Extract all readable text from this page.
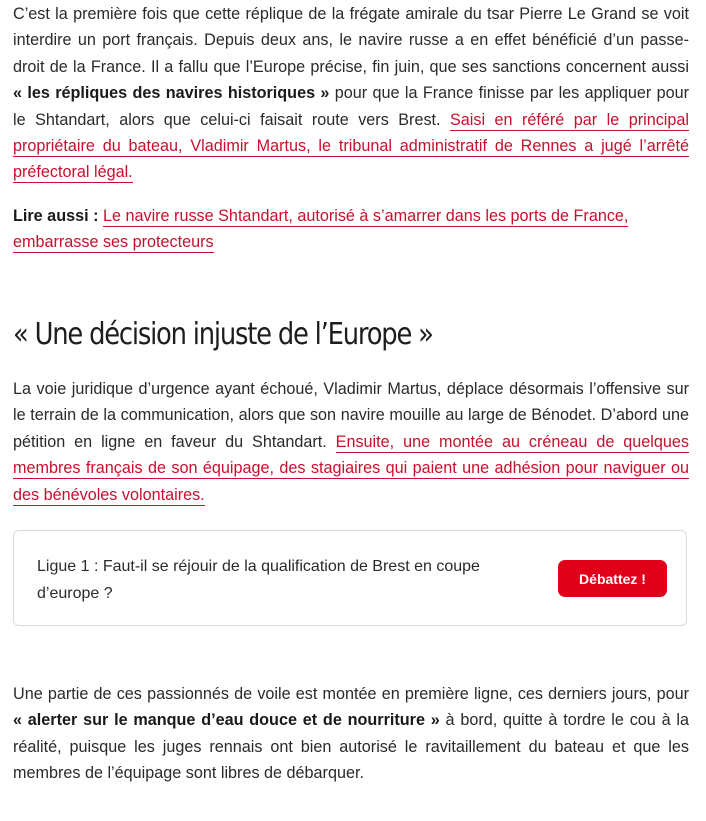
C’est la première fois que cette réplique de la frégate amirale du tsar Pierre Le Grand se voit interdire un port français. Depuis deux ans, le navire russe a en effet bénéficié d’un passe-droit de la France. Il a fallu que l’Europe précise, fin juin, que ses sanctions concernent aussi « les répliques des navires historiques » pour que la France finisse par les appliquer pour le Shtandart, alors que celui-ci faisait route vers Brest. Saisi en référé par le principal propriétaire du bateau, Vladimir Martus, le tribunal administratif de Rennes a jugé l’arrêté préfectoral légal.

Lire aussi : Le navire russe Shtandart, autorisé à s’amarrer dans les ports de France, embarrasse ses protecteurs

« Une décision injuste de l’Europe »

La voie juridique d’urgence ayant échoué, Vladimir Martus, déplace désormais l’offensive sur le terrain de la communication, alors que son navire mouille au large de Bénodet. D’abord une pétition en ligne en faveur du Shtandart. Ensuite, une montée au créneau de quelques membres français de son équipage, des stagiaires qui paient une adhésion pour naviguer ou des bénévoles volontaires.

Ligue 1 : Faut-il se réjouir de la qualification de Brest en coupe d’europe ?
Débattez !

Une partie de ces passionnés de voile est montée en première ligne, ces derniers jours, pour « alerter sur le manque d’eau douce et de nourriture » à bord, quitte à tordre le cou à la réalité, puisque les juges rennais ont bien autorisé le ravitaillement du bateau et que les membres de l’équipage sont libres de débarquer.
